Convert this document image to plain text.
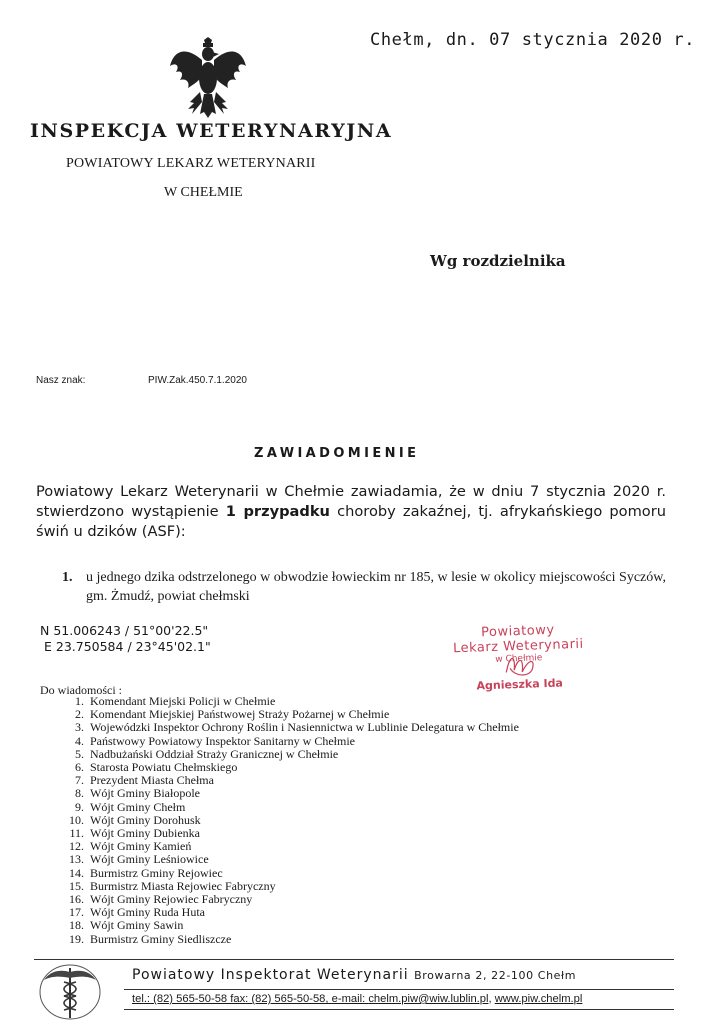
Chełm, dn. 07 stycznia 2020 r.
INSPEKCJA WETERYNARYJNA
POWIATOWY LEKARZ WETERYNARII
W CHEŁMIE
Wg rozdzielnika
Nasz znak:	PIW.Zak.450.7.1.2020
ZAWIADOMIENIE
Powiatowy Lekarz Weterynarii w Chełmie zawiadamia, że w dniu 7 stycznia 2020 r. stwierdzono wystąpienie 1 przypadku choroby zakaźnej, tj. afrykańskiego pomoru świń u dzików (ASF):
1. u jednego dzika odstrzelonego w obwodzie łowieckim nr 185, w lesie w okolicy miejscowości Syczów, gm. Żmudź, powiat chełmski
N 51.006243 / 51°00'22.5"
E 23.750584 / 23°45'02.1"
Powiatowy
Lekarz Weterynarii
w Chełmie
Agnieszka Ida
Do wiadomości :
1. Komendant Miejski Policji w Chełmie
2. Komendant Miejskiej Państwowej Straży Pożarnej w Chełmie
3. Wojewódzki Inspektor Ochrony Roślin i Nasiennictwa w Lublinie Delegatura w Chełmie
4. Państwowy Powiatowy Inspektor Sanitarny w Chełmie
5. Nadbużański Oddział Straży Granicznej w Chełmie
6. Starosta Powiatu Chełmskiego
7. Prezydent Miasta Chełma
8. Wójt Gminy Białopole
9. Wójt Gminy Chełm
10. Wójt Gminy Dorohusk
11. Wójt Gminy Dubienka
12. Wójt Gminy Kamień
13. Wójt Gminy Leśniowice
14. Burmistrz Gminy Rejowiec
15. Burmistrz Miasta Rejowiec Fabryczny
16. Wójt Gminy Rejowiec Fabryczny
17. Wójt Gminy Ruda Huta
18. Wójt Gminy Sawin
19. Burmistrz Gminy Siedliszcze
Powiatowy Inspektorat Weterynarii Browarna 2, 22-100 Chełm
tel.: (82) 565-50-58 fax: (82) 565-50-58, e-mail: chelm.piw@wiw.lublin.pl, www.piw.chelm.pl
